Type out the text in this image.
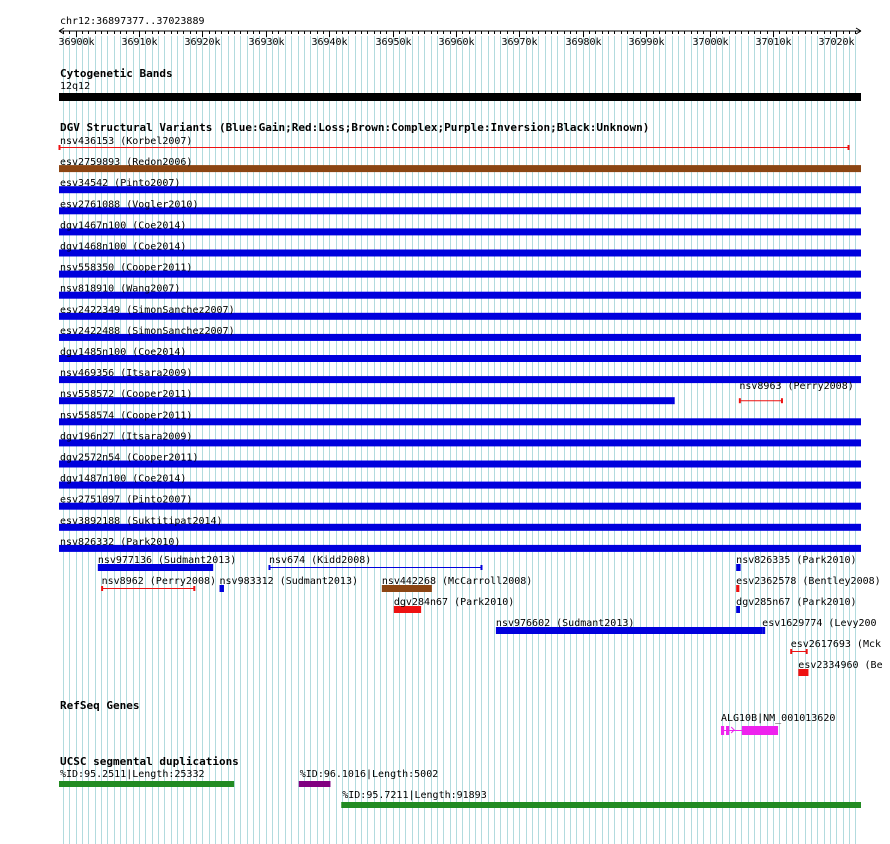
chr12:36897377..37023889
36900k	36910k	36920k	36930k	36940k	36950k	36960k	36970k	36980k	36990k	37000k	37010k	37020k
Cytogenetic Bands
12q12
DGV Structural Variants (Blue:Gain;Red:Loss;Brown:Complex;Purple:Inversion;Black:Unknown)
nsv436153 (Korbel2007)
esv2759893 (Redon2006)
esv34542 (Pinto2007)
esv2761088 (Vogler2010)
dgv1467n100 (Coe2014)
dgv1468n100 (Coe2014)
nsv558350 (Cooper2011)
nsv818910 (Wang2007)
esv2422349 (SimonSanchez2007)
esv2422488 (SimonSanchez2007)
dgv1485n100 (Coe2014)
nsv469356 (Itsara2009)
nsv558572 (Cooper2011)
nsv558574 (Cooper2011)
dgv196n27 (Itsara2009)
dgv2572n54 (Cooper2011)
dgv1487n100 (Coe2014)
esv2751097 (Pinto2007)
esv3892188 (Suktitipat2014)
nsv826332 (Park2010)
nsv8963 (Perry2008)
nsv977136 (Sudmant2013)	nsv674 (Kidd2008)	nsv826335 (Park2010)
nsv8962 (Perry2008) nsv983312 (Sudmant2013) nsv442268 (McCarroll2008)	esv2362578 (Bentley2008)
dgv284n67 (Park2010)	dgv285n67 (Park2010)
nsv976602 (Sudmant2013)	esv1629774 (Levy200
esv2617693 (Mck
esv2334960 (Be
RefSeq Genes
ALG10B|NM_001013620
UCSC segmental duplications
%ID:95.2511|Length:25332	%ID:96.1016|Length:5002
%ID:95.7211|Length:91893
